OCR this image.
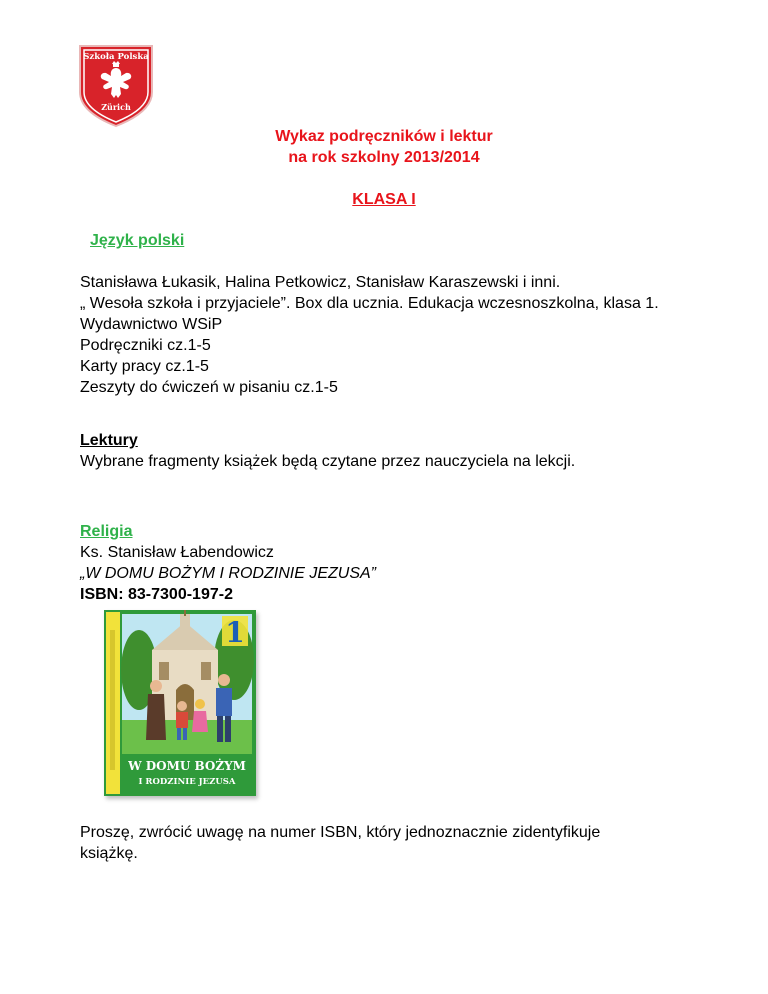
Szkoła Polska
Zürich
Wykaz podręczników i lektur
na rok szkolny 2013/2014
KLASA I
Język polski
Stanisława Łukasik, Halina Petkowicz, Stanisław Karaszewski i inni.
„ Wesoła szkoła i przyjaciele”. Box dla ucznia. Edukacja wczesnoszkolna, klasa 1.
Wydawnictwo WSiP
Podręczniki cz.1-5
Karty pracy cz.1-5
Zeszyty do ćwiczeń w pisaniu cz.1-5
Lektury
Wybrane fragmenty książek będą czytane przez nauczyciela na lekcji.
Religia
Ks. Stanisław Łabendowicz
„W DOMU BOŻYM I RODZINIE JEZUSA”
ISBN: 83-7300-197-2
1
W DOMU BOŻYM
I RODZINIE JEZUSA
Proszę, zwrócić uwagę na numer ISBN, który jednoznacznie zidentyfikuje
książkę.
